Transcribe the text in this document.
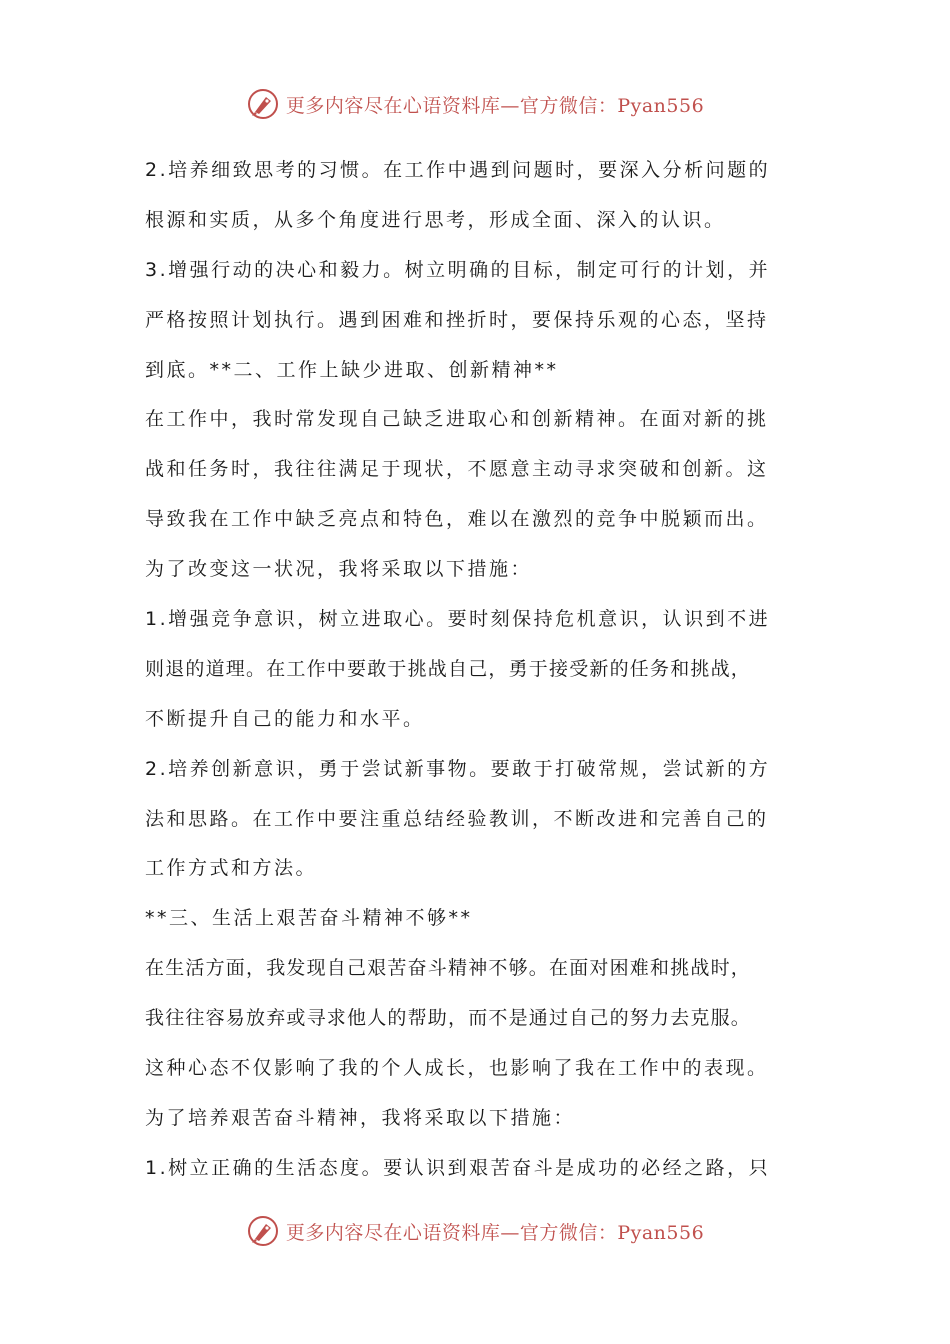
更多内容尽在心语资料库—官方微信：Pyan556
2.培养细致思考的习惯。在工作中遇到问题时，要深入分析问题的
根源和实质，从多个角度进行思考，形成全面、深入的认识。
3.增强行动的决心和毅力。树立明确的目标，制定可行的计划，并
严格按照计划执行。遇到困难和挫折时，要保持乐观的心态，坚持
到底。**二、工作上缺少进取、创新精神**
在工作中，我时常发现自己缺乏进取心和创新精神。在面对新的挑
战和任务时，我往往满足于现状，不愿意主动寻求突破和创新。这
导致我在工作中缺乏亮点和特色，难以在激烈的竞争中脱颖而出。
为了改变这一状况，我将采取以下措施：
1.增强竞争意识，树立进取心。要时刻保持危机意识，认识到不进
则退的道理。在工作中要敢于挑战自己，勇于接受新的任务和挑战，
不断提升自己的能力和水平。
2.培养创新意识，勇于尝试新事物。要敢于打破常规，尝试新的方
法和思路。在工作中要注重总结经验教训，不断改进和完善自己的
工作方式和方法。
**三、生活上艰苦奋斗精神不够**
在生活方面，我发现自己艰苦奋斗精神不够。在面对困难和挑战时，
我往往容易放弃或寻求他人的帮助，而不是通过自己的努力去克服。
这种心态不仅影响了我的个人成长，也影响了我在工作中的表现。
为了培养艰苦奋斗精神，我将采取以下措施：
1.树立正确的生活态度。要认识到艰苦奋斗是成功的必经之路，只
更多内容尽在心语资料库—官方微信：Pyan556
